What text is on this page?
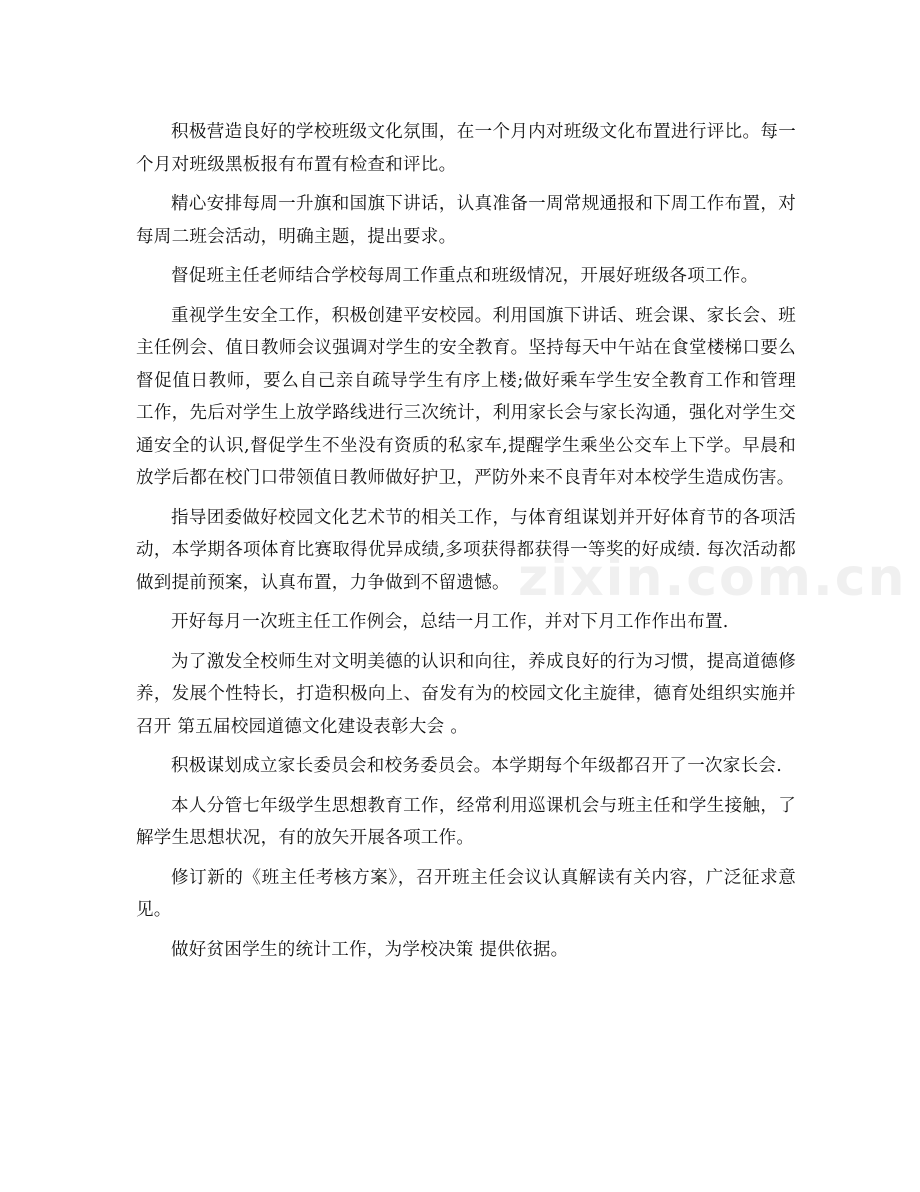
积极营造良好的学校班级文化氛围，在一个月内对班级文化布置进行评比。每一个月对班级黑板报有布置有检查和评比。

精心安排每周一升旗和国旗下讲话，认真准备一周常规通报和下周工作布置，对每周二班会活动，明确主题，提出要求。

督促班主任老师结合学校每周工作重点和班级情况，开展好班级各项工作。

重视学生安全工作，积极创建平安校园。利用国旗下讲话、班会课、家长会、班主任例会、值日教师会议强调对学生的安全教育。坚持每天中午站在食堂楼梯口要么督促值日教师，要么自己亲自疏导学生有序上楼;做好乘车学生安全教育工作和管理工作，先后对学生上放学路线进行三次统计，利用家长会与家长沟通，强化对学生交通安全的认识,督促学生不坐没有资质的私家车,提醒学生乘坐公交车上下学。早晨和放学后都在校门口带领值日教师做好护卫，严防外来不良青年对本校学生造成伤害。

指导团委做好校园文化艺术节的相关工作，与体育组谋划并开好体育节的各项活动，本学期各项体育比赛取得优异成绩,多项获得都获得一等奖的好成绩. 每次活动都做到提前预案，认真布置，力争做到不留遗憾。

开好每月一次班主任工作例会，总结一月工作，并对下月工作作出布置.

为了激发全校师生对文明美德的认识和向往，养成良好的行为习惯，提高道德修养，发展个性特长，打造积极向上、奋发有为的校园文化主旋律，德育处组织实施并召开 第五届校园道德文化建设表彰大会 。

积极谋划成立家长委员会和校务委员会。本学期每个年级都召开了一次家长会.

本人分管七年级学生思想教育工作，经常利用巡课机会与班主任和学生接触，了解学生思想状况，有的放矢开展各项工作。

修订新的《班主任考核方案》，召开班主任会议认真解读有关内容，广泛征求意见。

做好贫困学生的统计工作，为学校决策 提供依据。

zixin.com.cn
